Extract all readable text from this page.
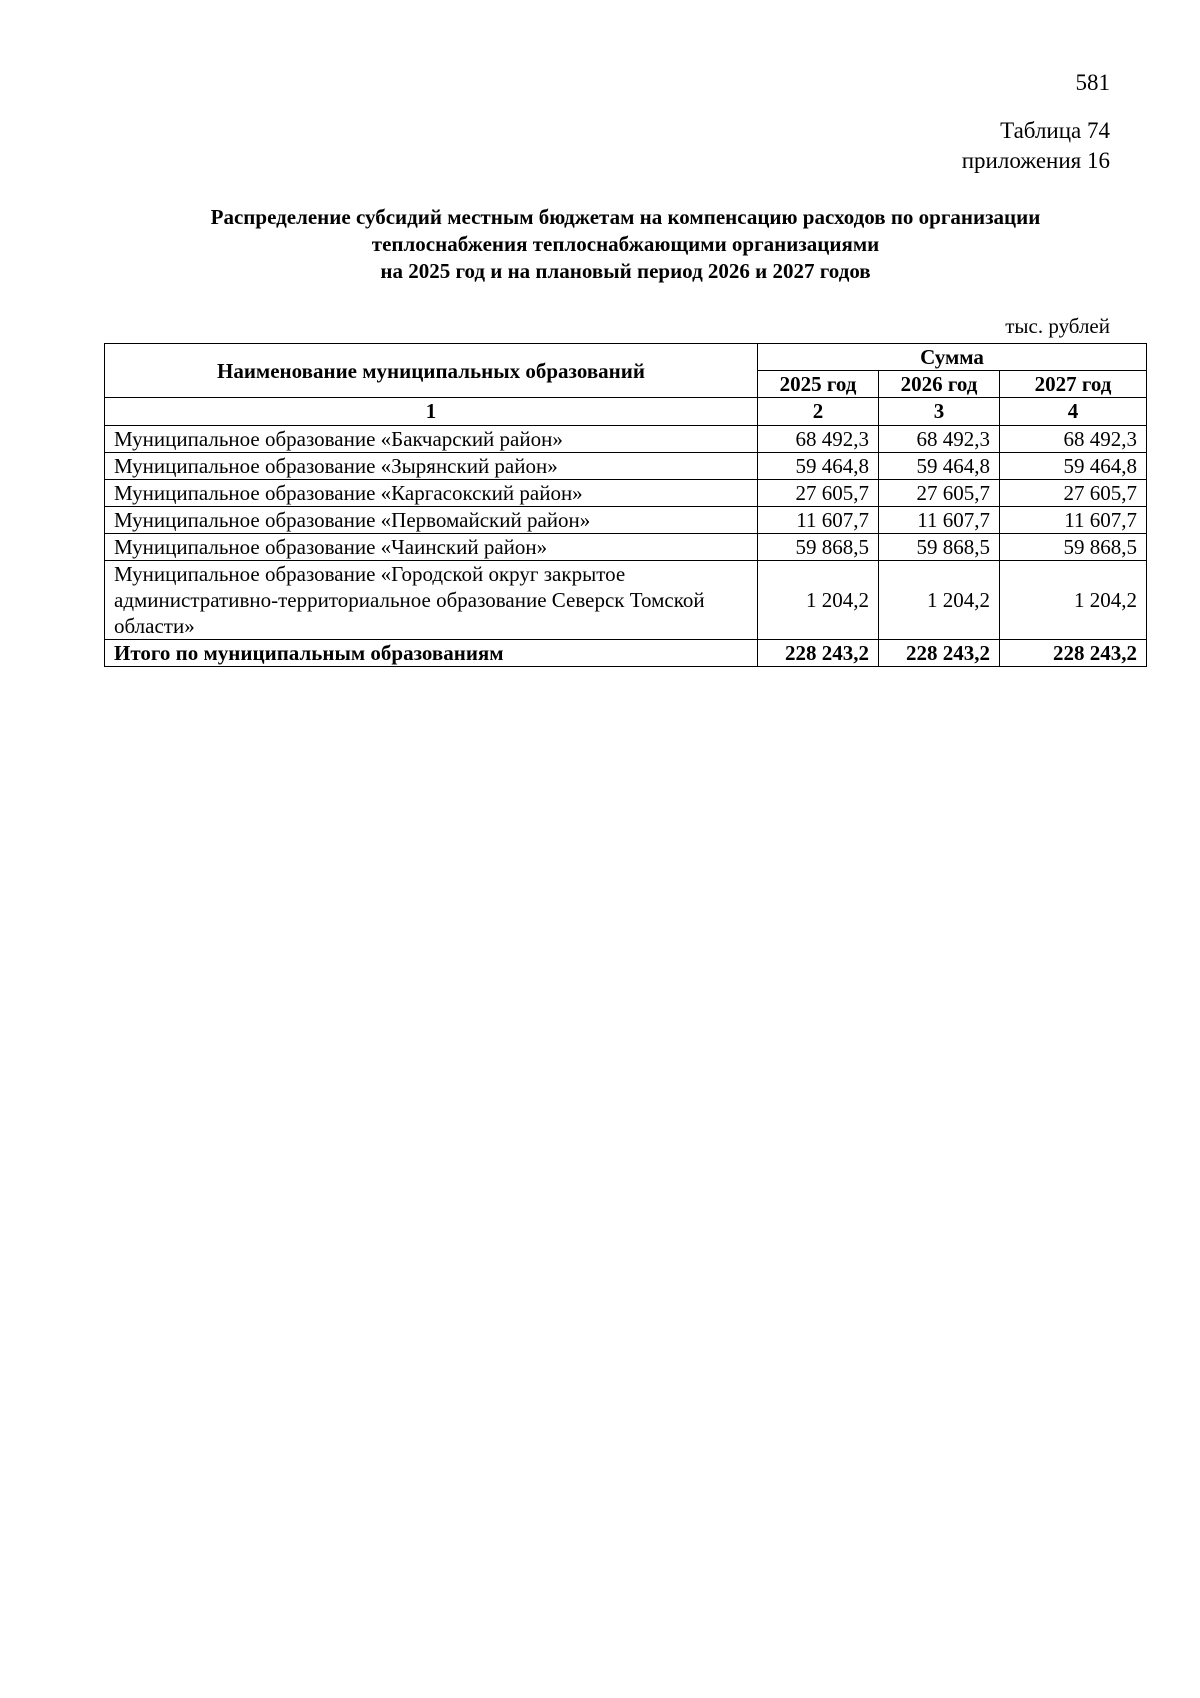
581
Таблица 74
приложения 16
Распределение субсидий местным бюджетам на компенсацию расходов по организации
теплоснабжения теплоснабжающими организациями
на 2025 год и на плановый период 2026 и 2027 годов
тыс. рублей
Наименование муниципальных образований	Сумма		
	2025 год	2026 год	2027 год
1	2	3	4
Муниципальное образование «Бакчарский район»	68 492,3	68 492,3	68 492,3
Муниципальное образование «Зырянский район»	59 464,8	59 464,8	59 464,8
Муниципальное образование «Каргасокский район»	27 605,7	27 605,7	27 605,7
Муниципальное образование «Первомайский район»	11 607,7	11 607,7	11 607,7
Муниципальное образование «Чаинский район»	59 868,5	59 868,5	59 868,5
Муниципальное образование «Городской округ закрытое административно-территориальное образование Северск Томской области»	1 204,2	1 204,2	1 204,2
Итого по муниципальным образованиям	228 243,2	228 243,2	228 243,2
